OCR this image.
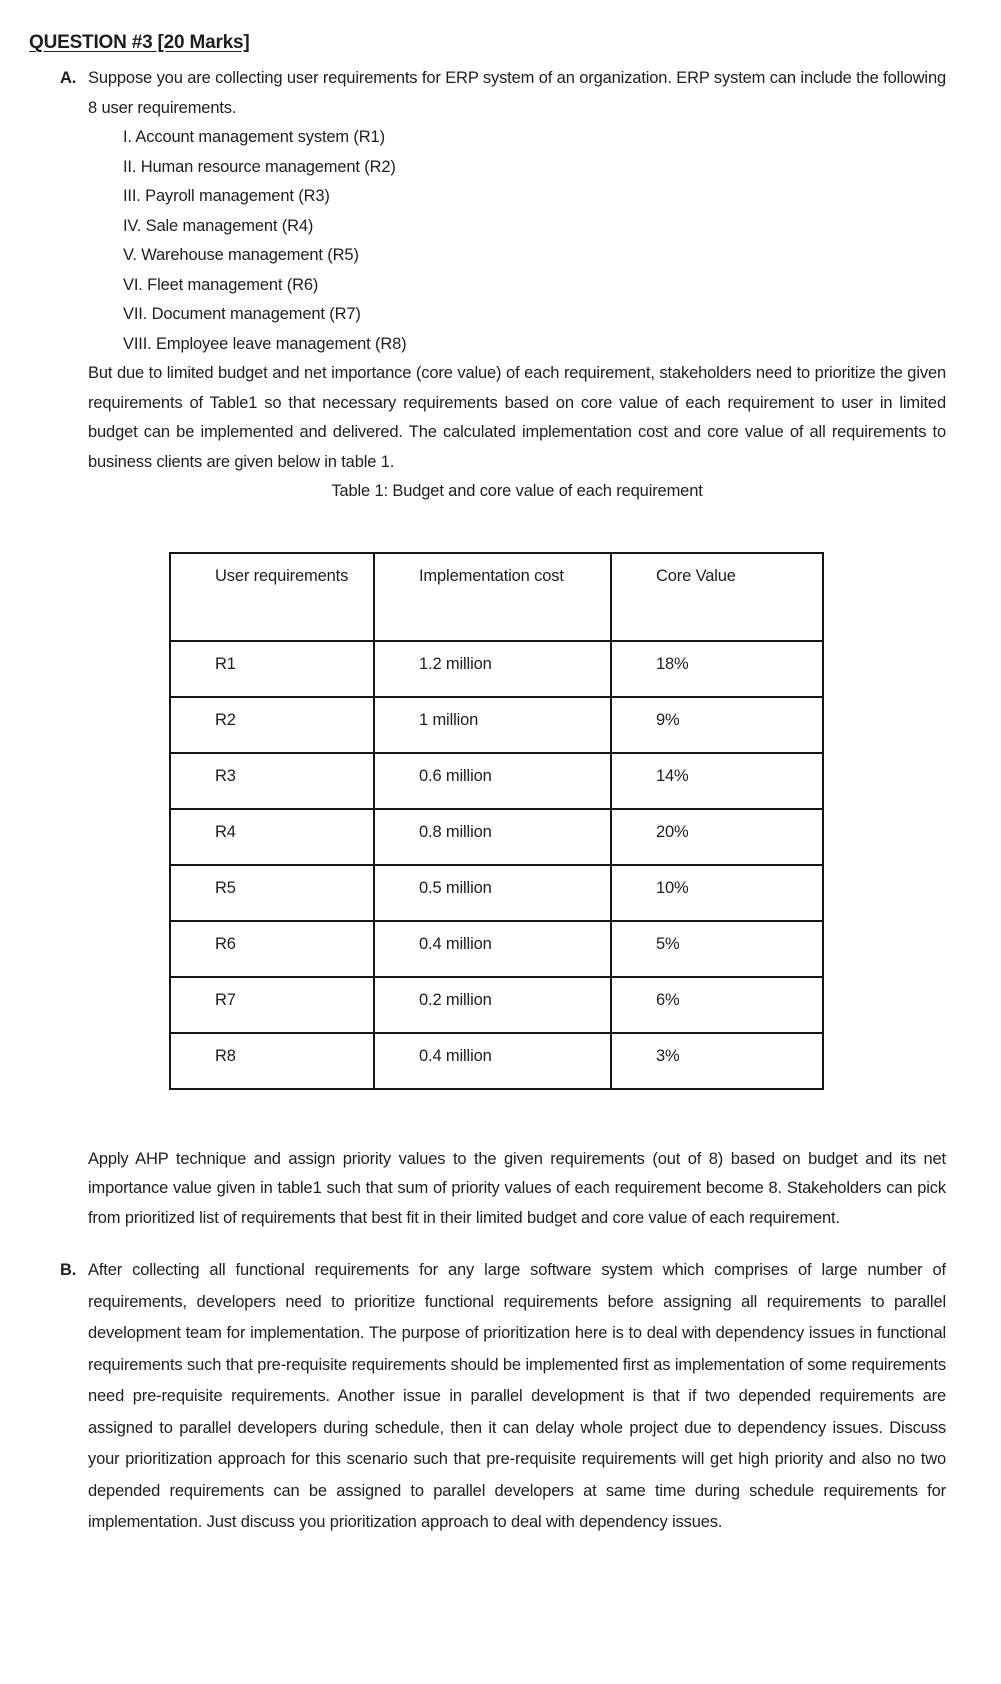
QUESTION #3 [20 Marks]
A. Suppose you are collecting user requirements for ERP system of an organization. ERP system can include the following 8 user requirements.

I. Account management system (R1)
II. Human resource management (R2)
III. Payroll management (R3)
IV. Sale management (R4)
V. Warehouse management (R5)
VI. Fleet management (R6)
VII. Document management (R7)
VIII. Employee leave management (R8)

But due to limited budget and net importance (core value) of each requirement, stakeholders need to prioritize the given requirements of Table1 so that necessary requirements based on core value of each requirement to user in limited budget can be implemented and delivered. The calculated implementation cost and core value of all requirements to business clients are given below in table 1.

Table 1: Budget and core value of each requirement

User requirements	Implementation cost	Core Value
R1	1.2 million	18%
R2	1 million	9%
R3	0.6 million	14%
R4	0.8 million	20%
R5	0.5 million	10%
R6	0.4 million	5%
R7	0.2 million	6%
R8	0.4 million	3%

Apply AHP technique and assign priority values to the given requirements (out of 8) based on budget and its net importance value given in table1 such that sum of priority values of each requirement become 8. Stakeholders can pick from prioritized list of requirements that best fit in their limited budget and core value of each requirement.

B. After collecting all functional requirements for any large software system which comprises of large number of requirements, developers need to prioritize functional requirements before assigning all requirements to parallel development team for implementation. The purpose of prioritization here is to deal with dependency issues in functional requirements such that pre-requisite requirements should be implemented first as implementation of some requirements need pre-requisite requirements. Another issue in parallel development is that if two depended requirements are assigned to parallel developers during schedule, then it can delay whole project due to dependency issues. Discuss your prioritization approach for this scenario such that pre-requisite requirements will get high priority and also no two depended requirements can be assigned to parallel developers at same time during schedule requirements for implementation. Just discuss you prioritization approach to deal with dependency issues.
